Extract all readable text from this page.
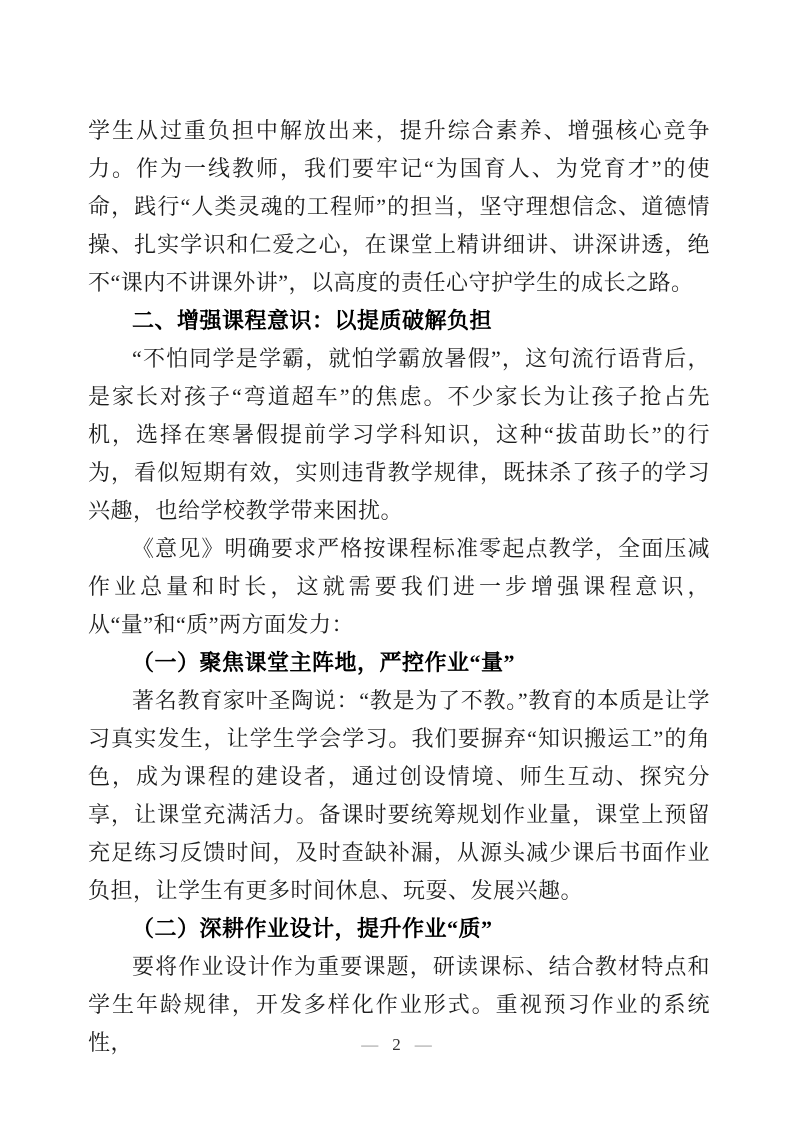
学生从过重负担中解放出来，提升综合素养、增强核心竞争力。作为一线教师，我们要牢记“为国育人、为党育才”的使命，践行“人类灵魂的工程师”的担当，坚守理想信念、道德情操、扎实学识和仁爱之心，在课堂上精讲细讲、讲深讲透，绝不“课内不讲课外讲”，以高度的责任心守护学生的成长之路。

二、增强课程意识：以提质破解负担

“不怕同学是学霸，就怕学霸放暑假”，这句流行语背后，是家长对孩子“弯道超车”的焦虑。不少家长为让孩子抢占先机，选择在寒暑假提前学习学科知识，这种“拔苗助长”的行为，看似短期有效，实则违背教学规律，既抹杀了孩子的学习兴趣，也给学校教学带来困扰。

《意见》明确要求严格按课程标准零起点教学，全面压减作业总量和时长，这就需要我们进一步增强课程意识，从“量”和“质”两方面发力：

（一）聚焦课堂主阵地，严控作业“量”

著名教育家叶圣陶说：“教是为了不教。”教育的本质是让学习真实发生，让学生学会学习。我们要摒弃“知识搬运工”的角色，成为课程的建设者，通过创设情境、师生互动、探究分享，让课堂充满活力。备课时要统筹规划作业量，课堂上预留充足练习反馈时间，及时查缺补漏，从源头减少课后书面作业负担，让学生有更多时间休息、玩耍、发展兴趣。

（二）深耕作业设计，提升作业“质”

要将作业设计作为重要课题，研读课标、结合教材特点和学生年龄规律，开发多样化作业形式。重视预习作业的系统性，	— 2 —
